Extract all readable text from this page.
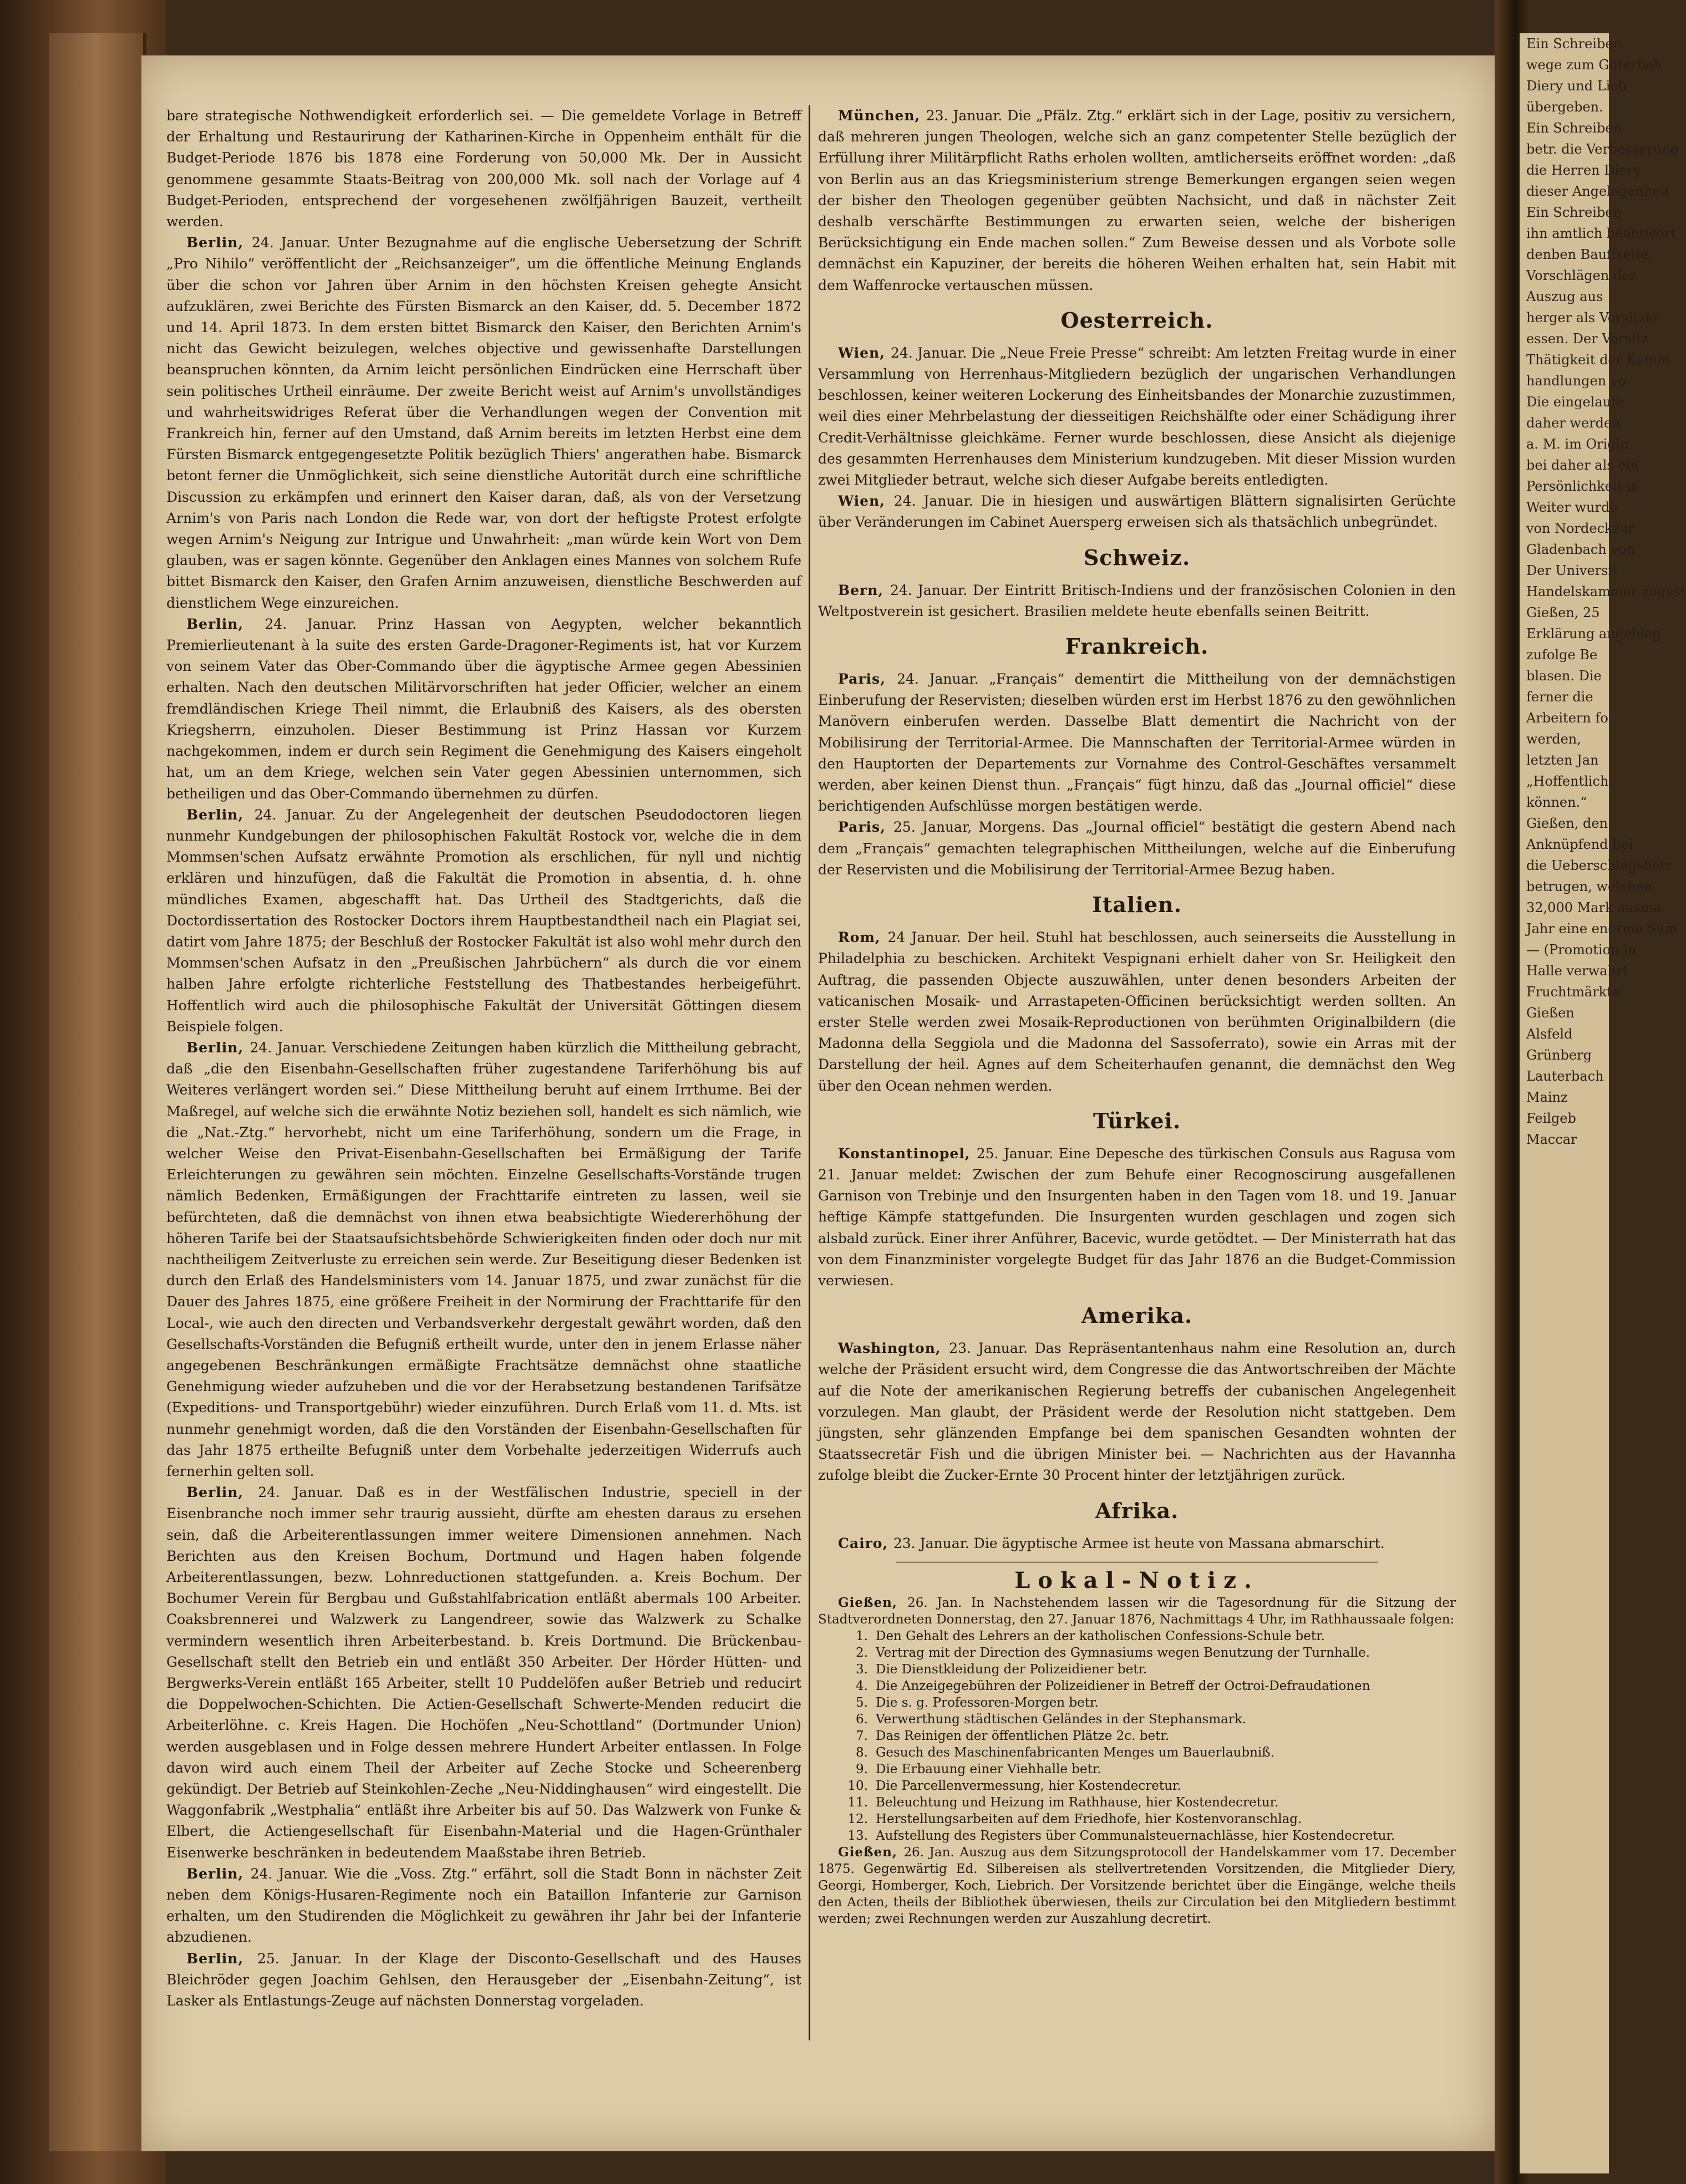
bare strategische Nothwendigkeit erforderlich sei. — Die gemeldete Vorlage in Betreff der Erhaltung und Restaurirung der Katharinen-Kirche in Oppenheim enthält für die Budget-Periode 1876 bis 1878 eine Forderung von 50,000 Mk. Der in Aussicht genommene gesammte Staats-Beitrag von 200,000 Mk. soll nach der Vorlage auf 4 Budget-Perioden, entsprechend der vorgesehenen zwölfjährigen Bauzeit, vertheilt werden.

Berlin, 24. Januar. Unter Bezugnahme auf die englische Uebersetzung der Schrift „Pro Nihilo“ veröffentlicht der „Reichsanzeiger“, um die öffentliche Meinung Englands über die schon vor Jahren über Arnim in den höchsten Kreisen gehegte Ansicht aufzuklären, zwei Berichte des Fürsten Bismarck an den Kaiser, dd. 5. December 1872 und 14. April 1873. In dem ersten bittet Bismarck den Kaiser, den Berichten Arnim's nicht das Gewicht beizulegen, welches objective und gewissenhafte Darstellungen beanspruchen könnten, da Arnim leicht persönlichen Eindrücken eine Herrschaft über sein politisches Urtheil einräume. Der zweite Bericht weist auf Arnim's unvollständiges und wahrheitswidriges Referat über die Verhandlungen wegen der Convention mit Frankreich hin, ferner auf den Umstand, daß Arnim bereits im letzten Herbst eine dem Fürsten Bismarck entgegengesetzte Politik bezüglich Thiers' angerathen habe. Bismarck betont ferner die Unmöglichkeit, sich seine dienstliche Autorität durch eine schriftliche Discussion zu erkämpfen und erinnert den Kaiser daran, daß, als von der Versetzung Arnim's von Paris nach London die Rede war, von dort der heftigste Protest erfolgte wegen Arnim's Neigung zur Intrigue und Unwahrheit: „man würde kein Wort von Dem glauben, was er sagen könnte. Gegenüber den Anklagen eines Mannes von solchem Rufe bittet Bismarck den Kaiser, den Grafen Arnim anzuweisen, dienstliche Beschwerden auf dienstlichem Wege einzureichen.

Berlin, 24. Januar. Prinz Hassan von Aegypten, welcher bekanntlich Premierlieutenant à la suite des ersten Garde-Dragoner-Regiments ist, hat vor Kurzem von seinem Vater das Ober-Commando über die ägyptische Armee gegen Abessinien erhalten. Nach den deutschen Militärvorschriften hat jeder Officier, welcher an einem fremdländischen Kriege Theil nimmt, die Erlaubniß des Kaisers, als des obersten Kriegsherrn, einzuholen. Dieser Bestimmung ist Prinz Hassan vor Kurzem nachgekommen, indem er durch sein Regiment die Genehmigung des Kaisers eingeholt hat, um an dem Kriege, welchen sein Vater gegen Abessinien unternommen, sich betheiligen und das Ober-Commando übernehmen zu dürfen.

Berlin, 24. Januar. Zu der Angelegenheit der deutschen Pseudodoctoren liegen nunmehr Kundgebungen der philosophischen Fakultät Rostock vor, welche die in dem Mommsen'schen Aufsatz erwähnte Promotion als erschlichen, für nyll und nichtig erklären und hinzufügen, daß die Fakultät die Promotion in absentia, d. h. ohne mündliches Examen, abgeschafft hat. Das Urtheil des Stadtgerichts, daß die Doctordissertation des Rostocker Doctors ihrem Hauptbestandtheil nach ein Plagiat sei, datirt vom Jahre 1875; der Beschluß der Rostocker Fakultät ist also wohl mehr durch den Mommsen'schen Aufsatz in den „Preußischen Jahrbüchern“ als durch die vor einem halben Jahre erfolgte richterliche Feststellung des Thatbestandes herbeigeführt. Hoffentlich wird auch die philosophische Fakultät der Universität Göttingen diesem Beispiele folgen.

Berlin, 24. Januar. Verschiedene Zeitungen haben kürzlich die Mittheilung gebracht, daß „die den Eisenbahn-Gesellschaften früher zugestandene Tariferhöhung bis auf Weiteres verlängert worden sei.“ Diese Mittheilung beruht auf einem Irrthume. Bei der Maßregel, auf welche sich die erwähnte Notiz beziehen soll, handelt es sich nämlich, wie die „Nat.-Ztg.“ hervorhebt, nicht um eine Tariferhöhung, sondern um die Frage, in welcher Weise den Privat-Eisenbahn-Gesellschaften bei Ermäßigung der Tarife Erleichterungen zu gewähren sein möchten. Einzelne Gesellschafts-Vorstände trugen nämlich Bedenken, Ermäßigungen der Frachttarife eintreten zu lassen, weil sie befürchteten, daß die demnächst von ihnen etwa beabsichtigte Wiedererhöhung der höheren Tarife bei der Staatsaufsichtsbehörde Schwierigkeiten finden oder doch nur mit nachtheiligem Zeitverluste zu erreichen sein werde. Zur Beseitigung dieser Bedenken ist durch den Erlaß des Handelsministers vom 14. Januar 1875, und zwar zunächst für die Dauer des Jahres 1875, eine größere Freiheit in der Normirung der Frachttarife für den Local-, wie auch den directen und Verbandsverkehr dergestalt gewährt worden, daß den Gesellschafts-Vorständen die Befugniß ertheilt wurde, unter den in jenem Erlasse näher angegebenen Beschränkungen ermäßigte Frachtsätze demnächst ohne staatliche Genehmigung wieder aufzuheben und die vor der Herabsetzung bestandenen Tarifsätze (Expeditions- und Transportgebühr) wieder einzuführen. Durch Erlaß vom 11. d. Mts. ist nunmehr genehmigt worden, daß die den Vorständen der Eisenbahn-Gesellschaften für das Jahr 1875 ertheilte Befugniß unter dem Vorbehalte jederzeitigen Widerrufs auch fernerhin gelten soll.

Berlin, 24. Januar. Daß es in der Westfälischen Industrie, speciell in der Eisenbranche noch immer sehr traurig aussieht, dürfte am ehesten daraus zu ersehen sein, daß die Arbeiterentlassungen immer weitere Dimensionen annehmen. Nach Berichten aus den Kreisen Bochum, Dortmund und Hagen haben folgende Arbeiterentlassungen, bezw. Lohnreductionen stattgefunden. a. Kreis Bochum. Der Bochumer Verein für Bergbau und Gußstahlfabrication entläßt abermals 100 Arbeiter. Coaksbrennerei und Walzwerk zu Langendreer, sowie das Walzwerk zu Schalke vermindern wesentlich ihren Arbeiterbestand. b. Kreis Dortmund. Die Brückenbau-Gesellschaft stellt den Betrieb ein und entläßt 350 Arbeiter. Der Hörder Hütten- und Bergwerks-Verein entläßt 165 Arbeiter, stellt 10 Puddelöfen außer Betrieb und reducirt die Doppelwochen-Schichten. Die Actien-Gesellschaft Schwerte-Menden reducirt die Arbeiterlöhne. c. Kreis Hagen. Die Hochöfen „Neu-Schottland“ (Dortmunder Union) werden ausgeblasen und in Folge dessen mehrere Hundert Arbeiter entlassen. In Folge davon wird auch einem Theil der Arbeiter auf Zeche Stocke und Scheerenberg gekündigt. Der Betrieb auf Steinkohlen-Zeche „Neu-Niddinghausen“ wird eingestellt. Die Waggonfabrik „Westphalia“ entläßt ihre Arbeiter bis auf 50. Das Walzwerk von Funke & Elbert, die Actiengesellschaft für Eisenbahn-Material und die Hagen-Grünthaler Eisenwerke beschränken in bedeutendem Maaßstabe ihren Betrieb.

Berlin, 24. Januar. Wie die „Voss. Ztg.“ erfährt, soll die Stadt Bonn in nächster Zeit neben dem Königs-Husaren-Regimente noch ein Bataillon Infanterie zur Garnison erhalten, um den Studirenden die Möglichkeit zu gewähren ihr Jahr bei der Infanterie abzudienen.

Berlin, 25. Januar. In der Klage der Disconto-Gesellschaft und des Hauses Bleichröder gegen Joachim Gehlsen, den Herausgeber der „Eisenbahn-Zeitung“, ist Lasker als Entlastungs-Zeuge auf nächsten Donnerstag vorgeladen.

München, 23. Januar. Die „Pfälz. Ztg.“ erklärt sich in der Lage, positiv zu versichern, daß mehreren jungen Theologen, welche sich an ganz competenter Stelle bezüglich der Erfüllung ihrer Militärpflicht Raths erholen wollten, amtlicherseits eröffnet worden: „daß von Berlin aus an das Kriegsministerium strenge Bemerkungen ergangen seien wegen der bisher den Theologen gegenüber geübten Nachsicht, und daß in nächster Zeit deshalb verschärfte Bestimmungen zu erwarten seien, welche der bisherigen Berücksichtigung ein Ende machen sollen.“ Zum Beweise dessen und als Vorbote solle demnächst ein Kapuziner, der bereits die höheren Weihen erhalten hat, sein Habit mit dem Waffenrocke vertauschen müssen.

Oesterreich.

Wien, 24. Januar. Die „Neue Freie Presse“ schreibt: Am letzten Freitag wurde in einer Versammlung von Herrenhaus-Mitgliedern bezüglich der ungarischen Verhandlungen beschlossen, keiner weiteren Lockerung des Einheitsbandes der Monarchie zuzustimmen, weil dies einer Mehrbelastung der diesseitigen Reichshälfte oder einer Schädigung ihrer Credit-Verhältnisse gleichkäme. Ferner wurde beschlossen, diese Ansicht als diejenige des gesammten Herrenhauses dem Ministerium kundzugeben. Mit dieser Mission wurden zwei Mitglieder betraut, welche sich dieser Aufgabe bereits entledigten.

Wien, 24. Januar. Die in hiesigen und auswärtigen Blättern signalisirten Gerüchte über Veränderungen im Cabinet Auersperg erweisen sich als thatsächlich unbegründet.

Schweiz.

Bern, 24. Januar. Der Eintritt Britisch-Indiens und der französischen Colonien in den Weltpostverein ist gesichert. Brasilien meldete heute ebenfalls seinen Beitritt.

Frankreich.

Paris, 24. Januar. „Français“ dementirt die Mittheilung von der demnächstigen Einberufung der Reservisten; dieselben würden erst im Herbst 1876 zu den gewöhnlichen Manövern einberufen werden. Dasselbe Blatt dementirt die Nachricht von der Mobilisirung der Territorial-Armee. Die Mannschaften der Territorial-Armee würden in den Hauptorten der Departements zur Vornahme des Control-Geschäftes versammelt werden, aber keinen Dienst thun. „Français“ fügt hinzu, daß das „Journal officiel“ diese berichtigenden Aufschlüsse morgen bestätigen werde.

Paris, 25. Januar, Morgens. Das „Journal officiel“ bestätigt die gestern Abend nach dem „Français“ gemachten telegraphischen Mittheilungen, welche auf die Einberufung der Reservisten und die Mobilisirung der Territorial-Armee Bezug haben.

Italien.

Rom, 24 Januar. Der heil. Stuhl hat beschlossen, auch seinerseits die Ausstellung in Philadelphia zu beschicken. Architekt Vespignani erhielt daher von Sr. Heiligkeit den Auftrag, die passenden Objecte auszuwählen, unter denen besonders Arbeiten der vaticanischen Mosaik- und Arrastapeten-Officinen berücksichtigt werden sollten. An erster Stelle werden zwei Mosaik-Reproductionen von berühmten Originalbildern (die Madonna della Seggiola und die Madonna del Sassoferrato), sowie ein Arras mit der Darstellung der heil. Agnes auf dem Scheiterhaufen genannt, die demnächst den Weg über den Ocean nehmen werden.

Türkei.

Konstantinopel, 25. Januar. Eine Depesche des türkischen Consuls aus Ragusa vom 21. Januar meldet: Zwischen der zum Behufe einer Recognoscirung ausgefallenen Garnison von Trebinje und den Insurgenten haben in den Tagen vom 18. und 19. Januar heftige Kämpfe stattgefunden. Die Insurgenten wurden geschlagen und zogen sich alsbald zurück. Einer ihrer Anführer, Bacevic, wurde getödtet. — Der Ministerrath hat das von dem Finanzminister vorgelegte Budget für das Jahr 1876 an die Budget-Commission verwiesen.

Amerika.

Washington, 23. Januar. Das Repräsentantenhaus nahm eine Resolution an, durch welche der Präsident ersucht wird, dem Congresse die das Antwortschreiben der Mächte auf die Note der amerikanischen Regierung betreffs der cubanischen Angelegenheit vorzulegen. Man glaubt, der Präsident werde der Resolution nicht stattgeben. Dem jüngsten, sehr glänzenden Empfange bei dem spanischen Gesandten wohnten der Staatssecretär Fish und die übrigen Minister bei. — Nachrichten aus der Havannha zufolge bleibt die Zucker-Ernte 30 Procent hinter der letztjährigen zurück.

Afrika.

Cairo, 23. Januar. Die ägyptische Armee ist heute von Massana abmarschirt.

Lokal-Notiz.

Gießen, 26. Jan. In Nachstehendem lassen wir die Tagesordnung für die Sitzung der Stadtverordneten Donnerstag, den 27. Januar 1876, Nachmittags 4 Uhr, im Rathhaussaale folgen:

1. Den Gehalt des Lehrers an der katholischen Confessions-Schule betr.
2. Vertrag mit der Direction des Gymnasiums wegen Benutzung der Turnhalle.
3. Die Dienstkleidung der Polizeidiener betr.
4. Die Anzeigegebühren der Polizeidiener in Betreff der Octroi-Defraudationen
5. Die s. g. Professoren-Morgen betr.
6. Verwerthung städtischen Geländes in der Stephansmark.
7. Das Reinigen der öffentlichen Plätze 2c. betr.
8. Gesuch des Maschinenfabricanten Menges um Bauerlaubniß.
9. Die Erbauung einer Viehhalle betr.
10. Die Parcellenvermessung, hier Kostendecretur.
11. Beleuchtung und Heizung im Rathhause, hier Kostendecretur.
12. Herstellungsarbeiten auf dem Friedhofe, hier Kostenvoranschlag.
13. Aufstellung des Registers über Communalsteuernachlässe, hier Kostendecretur.

Gießen, 26. Jan. Auszug aus dem Sitzungsprotocoll der Handelskammer vom 17. December 1875. Gegenwärtig Ed. Silbereisen als stellvertretenden Vorsitzenden, die Mitglieder Diery, Georgi, Homberger, Koch, Liebrich. Der Vorsitzende berichtet über die Eingänge, welche theils den Acten, theils der Bibliothek überwiesen, theils zur Circulation bei den Mitgliedern bestimmt werden; zwei Rechnungen werden zur Auszahlung decretirt.

Ein Schreiben
wege zum Güterbah
Diery und Lieb
übergeben.
Ein Schreiben
betr. die Verbesserung
die Herren Diery
dieser Angelegenheit
Ein Schreiben
ihn amtlich beantwort
denben Bauffselte,
Vorschlägen der
Auszug aus
herger als Vorsitzer
essen. Der Vorsitz
Thätigkeit der Kamm
handlungen vo
Die eingelaufe
daher werden
a. M. im Origin
bei daher als ein
Persönlichkeit in
Weiter wurde
von Nordeckzur
Gladenbach von
Der Universit
Handelskammer zugest
Gießen, 25
Erklärung angeblag
zufolge Be
blasen. Die
ferner die
Arbeitern fo
werden,
letzten Jan
„Hoffentlich
können.“
Gießen, den
Anknüpfend bei
die Ueberschlagsbetr
betrugen, welchen
32,000 Mark ausma
Jahr eine enorme Sum
— (Promotion in
Halle verwahrt
Fruchtmärkte
Gießen
Alsfeld
Grünberg
Lauterbach
Mainz
Feilgeb
Maccar
